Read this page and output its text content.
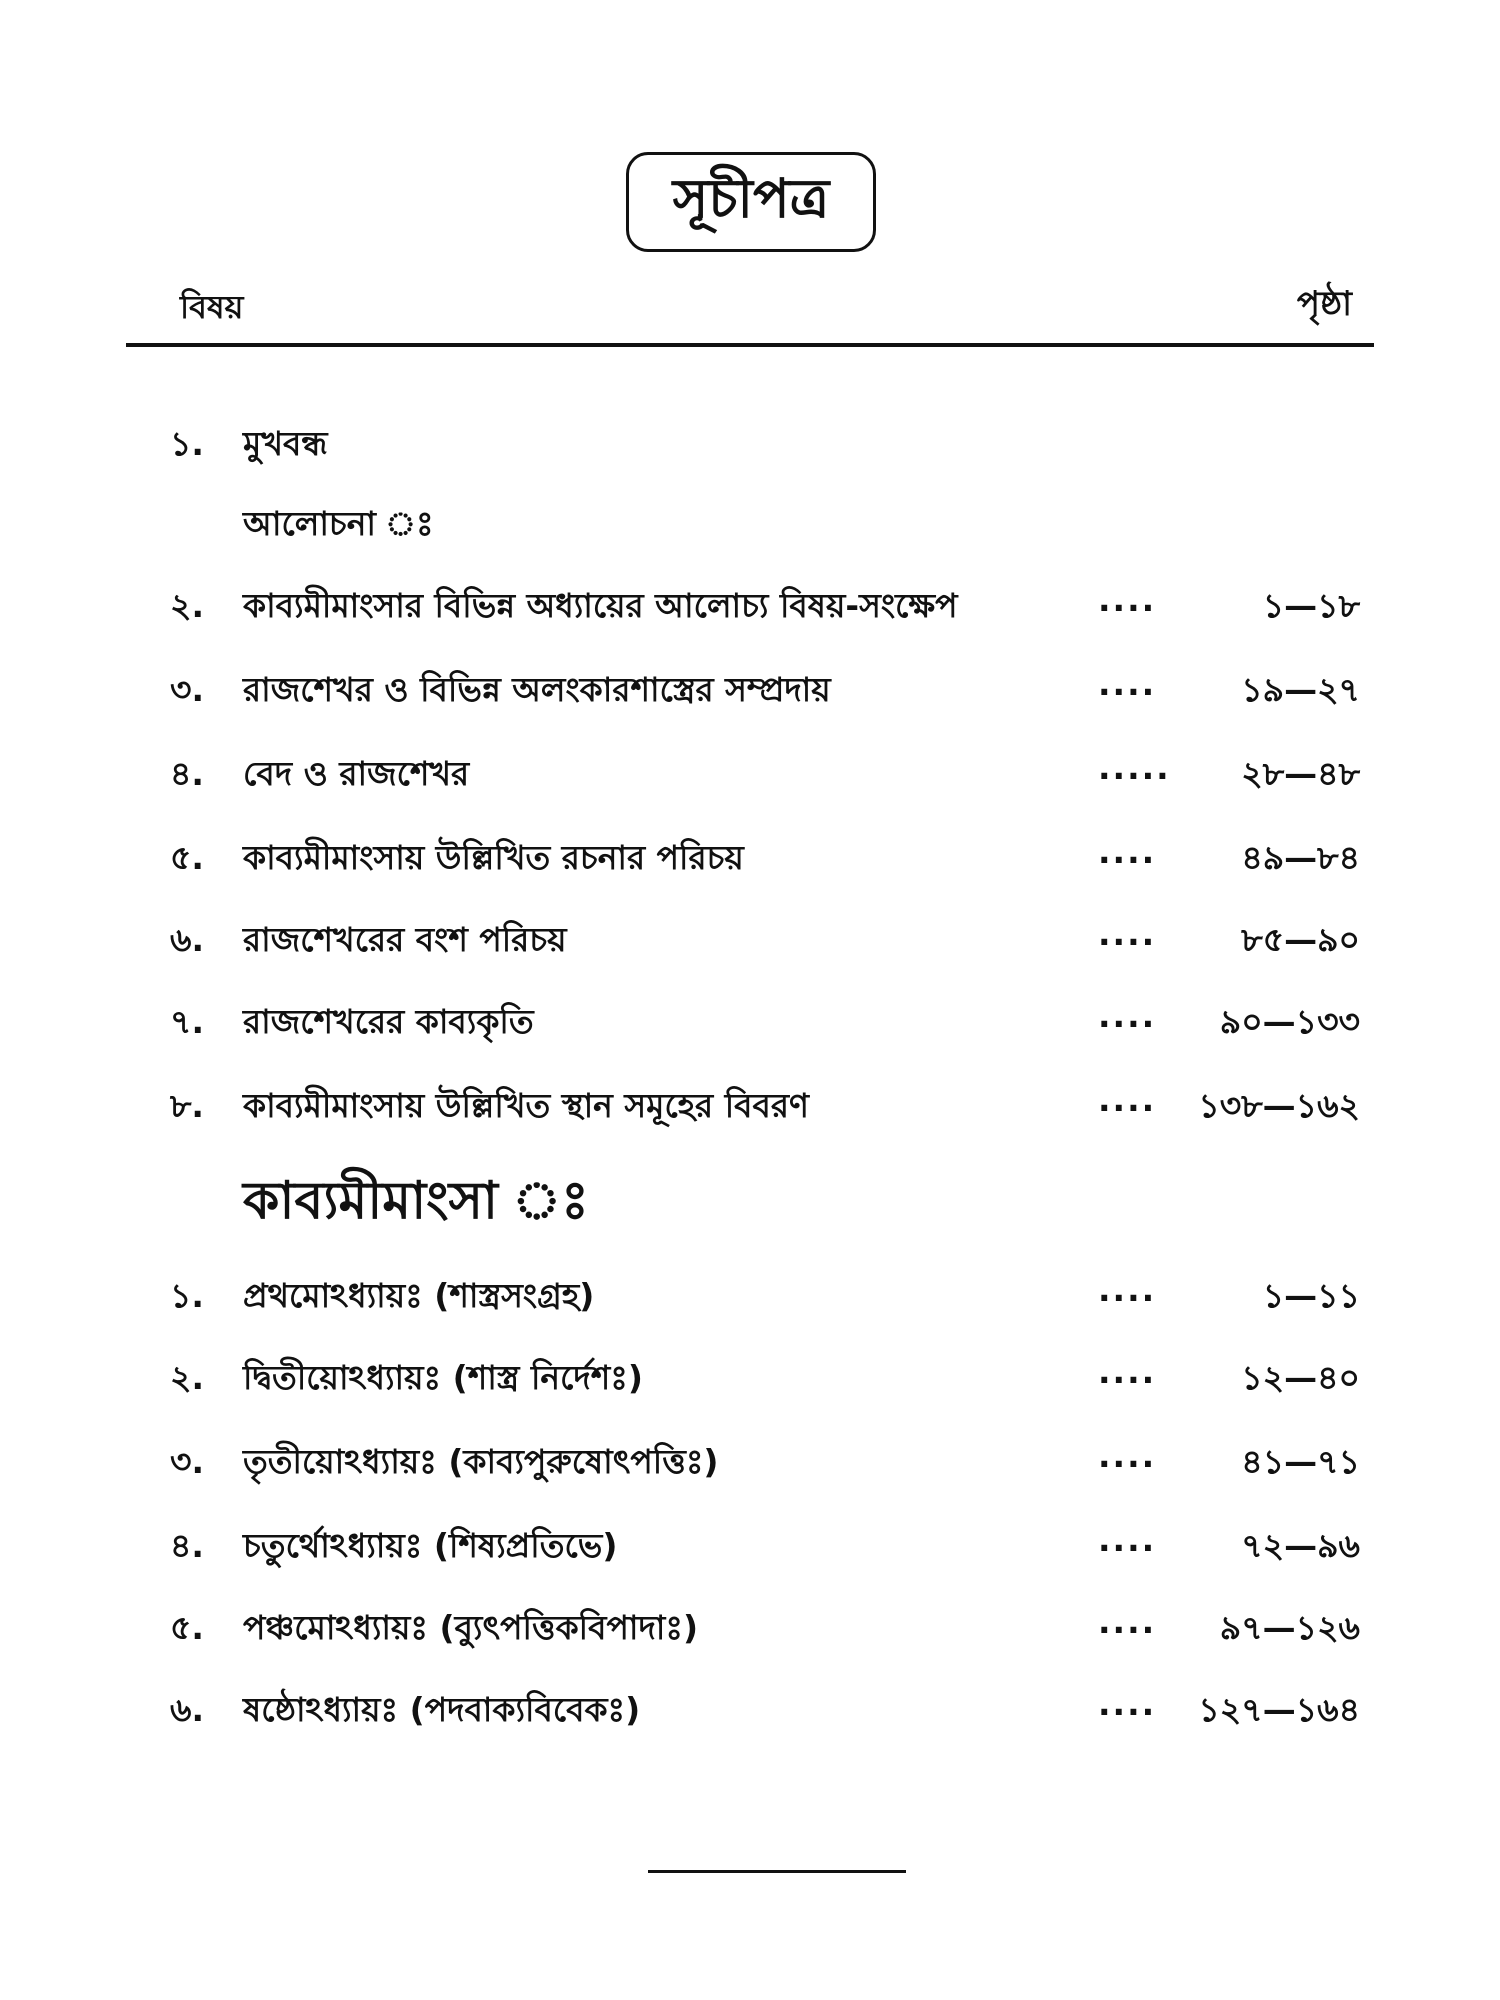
সূচীপত্র
বিষয়	পৃষ্ঠা
১. মুখবন্ধ
আলোচনা ঃ
২. কাব্যমীমাংসার বিভিন্ন অধ্যায়ের আলোচ্য বিষয়-সংক্ষেপ	....	১—১৮
৩. রাজশেখর ও বিভিন্ন অলংকারশাস্ত্রের সম্প্রদায়	....	১৯—২৭
৪. বেদ ও রাজশেখর	..... ২৮—৪৮
৫. কাব্যমীমাংসায় উল্লিখিত রচনার পরিচয়	....	৪৯—৮৪
৬. রাজশেখরের বংশ পরিচয়	....	৮৫—৯০
৭. রাজশেখরের কাব্যকৃতি	.... ৯০—১৩৩
৮. কাব্যমীমাংসায় উল্লিখিত স্থান সমূহের বিবরণ	.... ১৩৮—১৬২
কাব্যমীমাংসা ঃ
১. প্রথমোঽধ্যায়ঃ (শাস্ত্রসংগ্রহ)	....	১—১১
২. দ্বিতীয়োঽধ্যায়ঃ (শাস্ত্র নির্দেশঃ)	....	১২—৪০
৩. তৃতীয়োঽধ্যায়ঃ (কাব্যপুরুষোৎপত্তিঃ)	....	৪১—৭১
৪. চতুর্থোঽধ্যায়ঃ (শিষ্যপ্রতিভে)	....	৭২—৯৬
৫. পঞ্চমোঽধ্যায়ঃ (ব্যুৎপত্তিকবিপাদাঃ)	.... ৯৭—১২৬
৬. ষষ্ঠোঽধ্যায়ঃ (পদবাক্যবিবেকঃ)	.... ১২৭—১৬৪
